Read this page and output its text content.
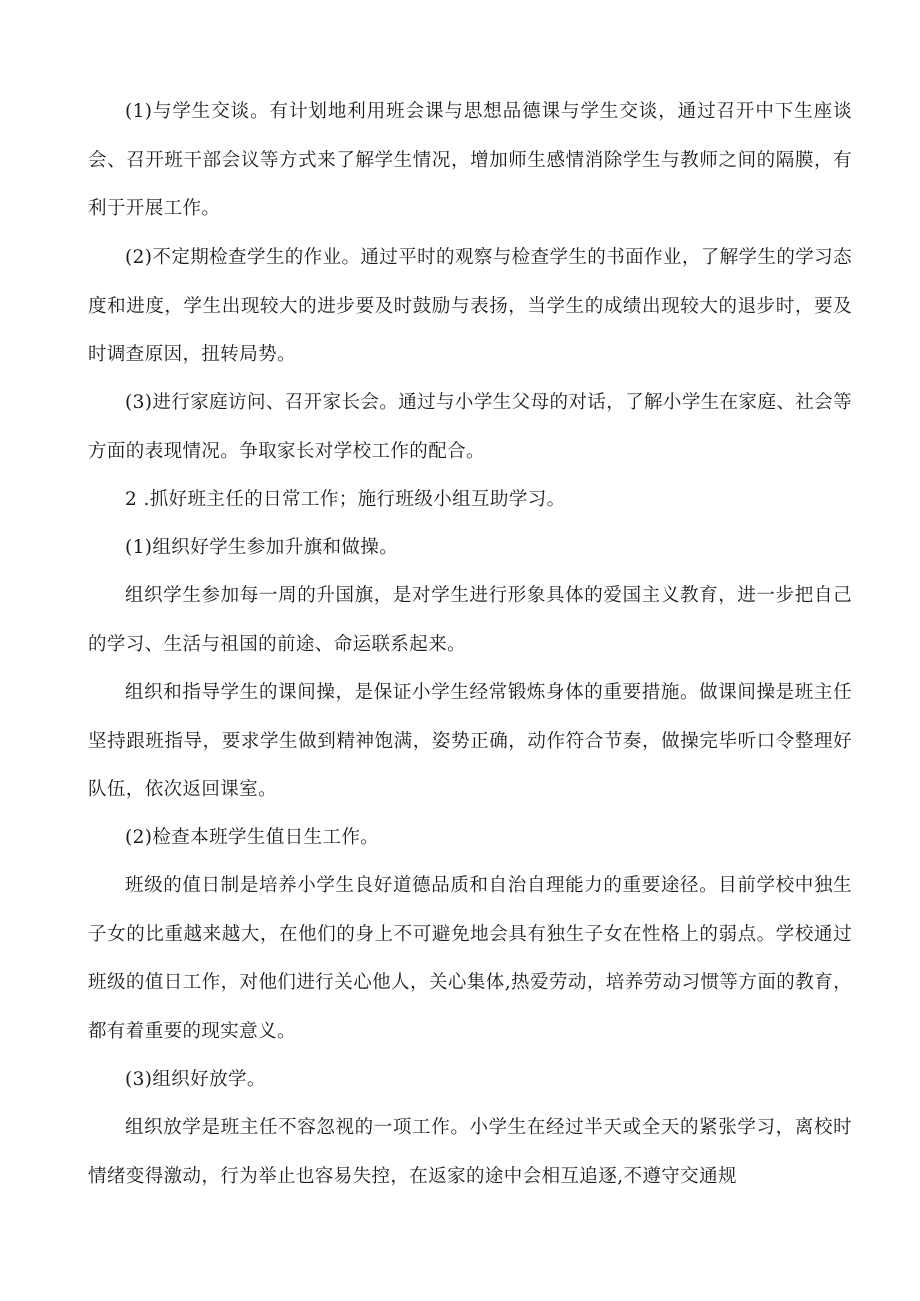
(1)与学生交谈。有计划地利用班会课与思想品德课与学生交谈，通过召开中下生座谈会、召开班干部会议等方式来了解学生情况，增加师生感情消除学生与教师之间的隔膜，有利于开展工作。

(2)不定期检查学生的作业。通过平时的观察与检查学生的书面作业，了解学生的学习态度和进度，学生出现较大的进步要及时鼓励与表扬，当学生的成绩出现较大的退步时，要及时调查原因，扭转局势。

(3)进行家庭访问、召开家长会。通过与小学生父母的对话，了解小学生在家庭、社会等方面的表现情况。争取家长对学校工作的配合。

2 .抓好班主任的日常工作；施行班级小组互助学习。

(1)组织好学生参加升旗和做操。

组织学生参加每一周的升国旗，是对学生进行形象具体的爱国主义教育，进一步把自己的学习、生活与祖国的前途、命运联系起来。

组织和指导学生的课间操，是保证小学生经常锻炼身体的重要措施。做课间操是班主任坚持跟班指导，要求学生做到精神饱满，姿势正确，动作符合节奏，做操完毕听口令整理好队伍，依次返回课室。

(2)检查本班学生值日生工作。

班级的值日制是培养小学生良好道德品质和自治自理能力的重要途径。目前学校中独生子女的比重越来越大，在他们的身上不可避免地会具有独生子女在性格上的弱点。学校通过班级的值日工作，对他们进行关心他人，关心集体,热爱劳动，培养劳动习惯等方面的教育，都有着重要的现实意义。

(3)组织好放学。

组织放学是班主任不容忽视的一项工作。小学生在经过半天或全天的紧张学习，离校时情绪变得激动，行为举止也容易失控，在返家的途中会相互追逐,不遵守交通规
